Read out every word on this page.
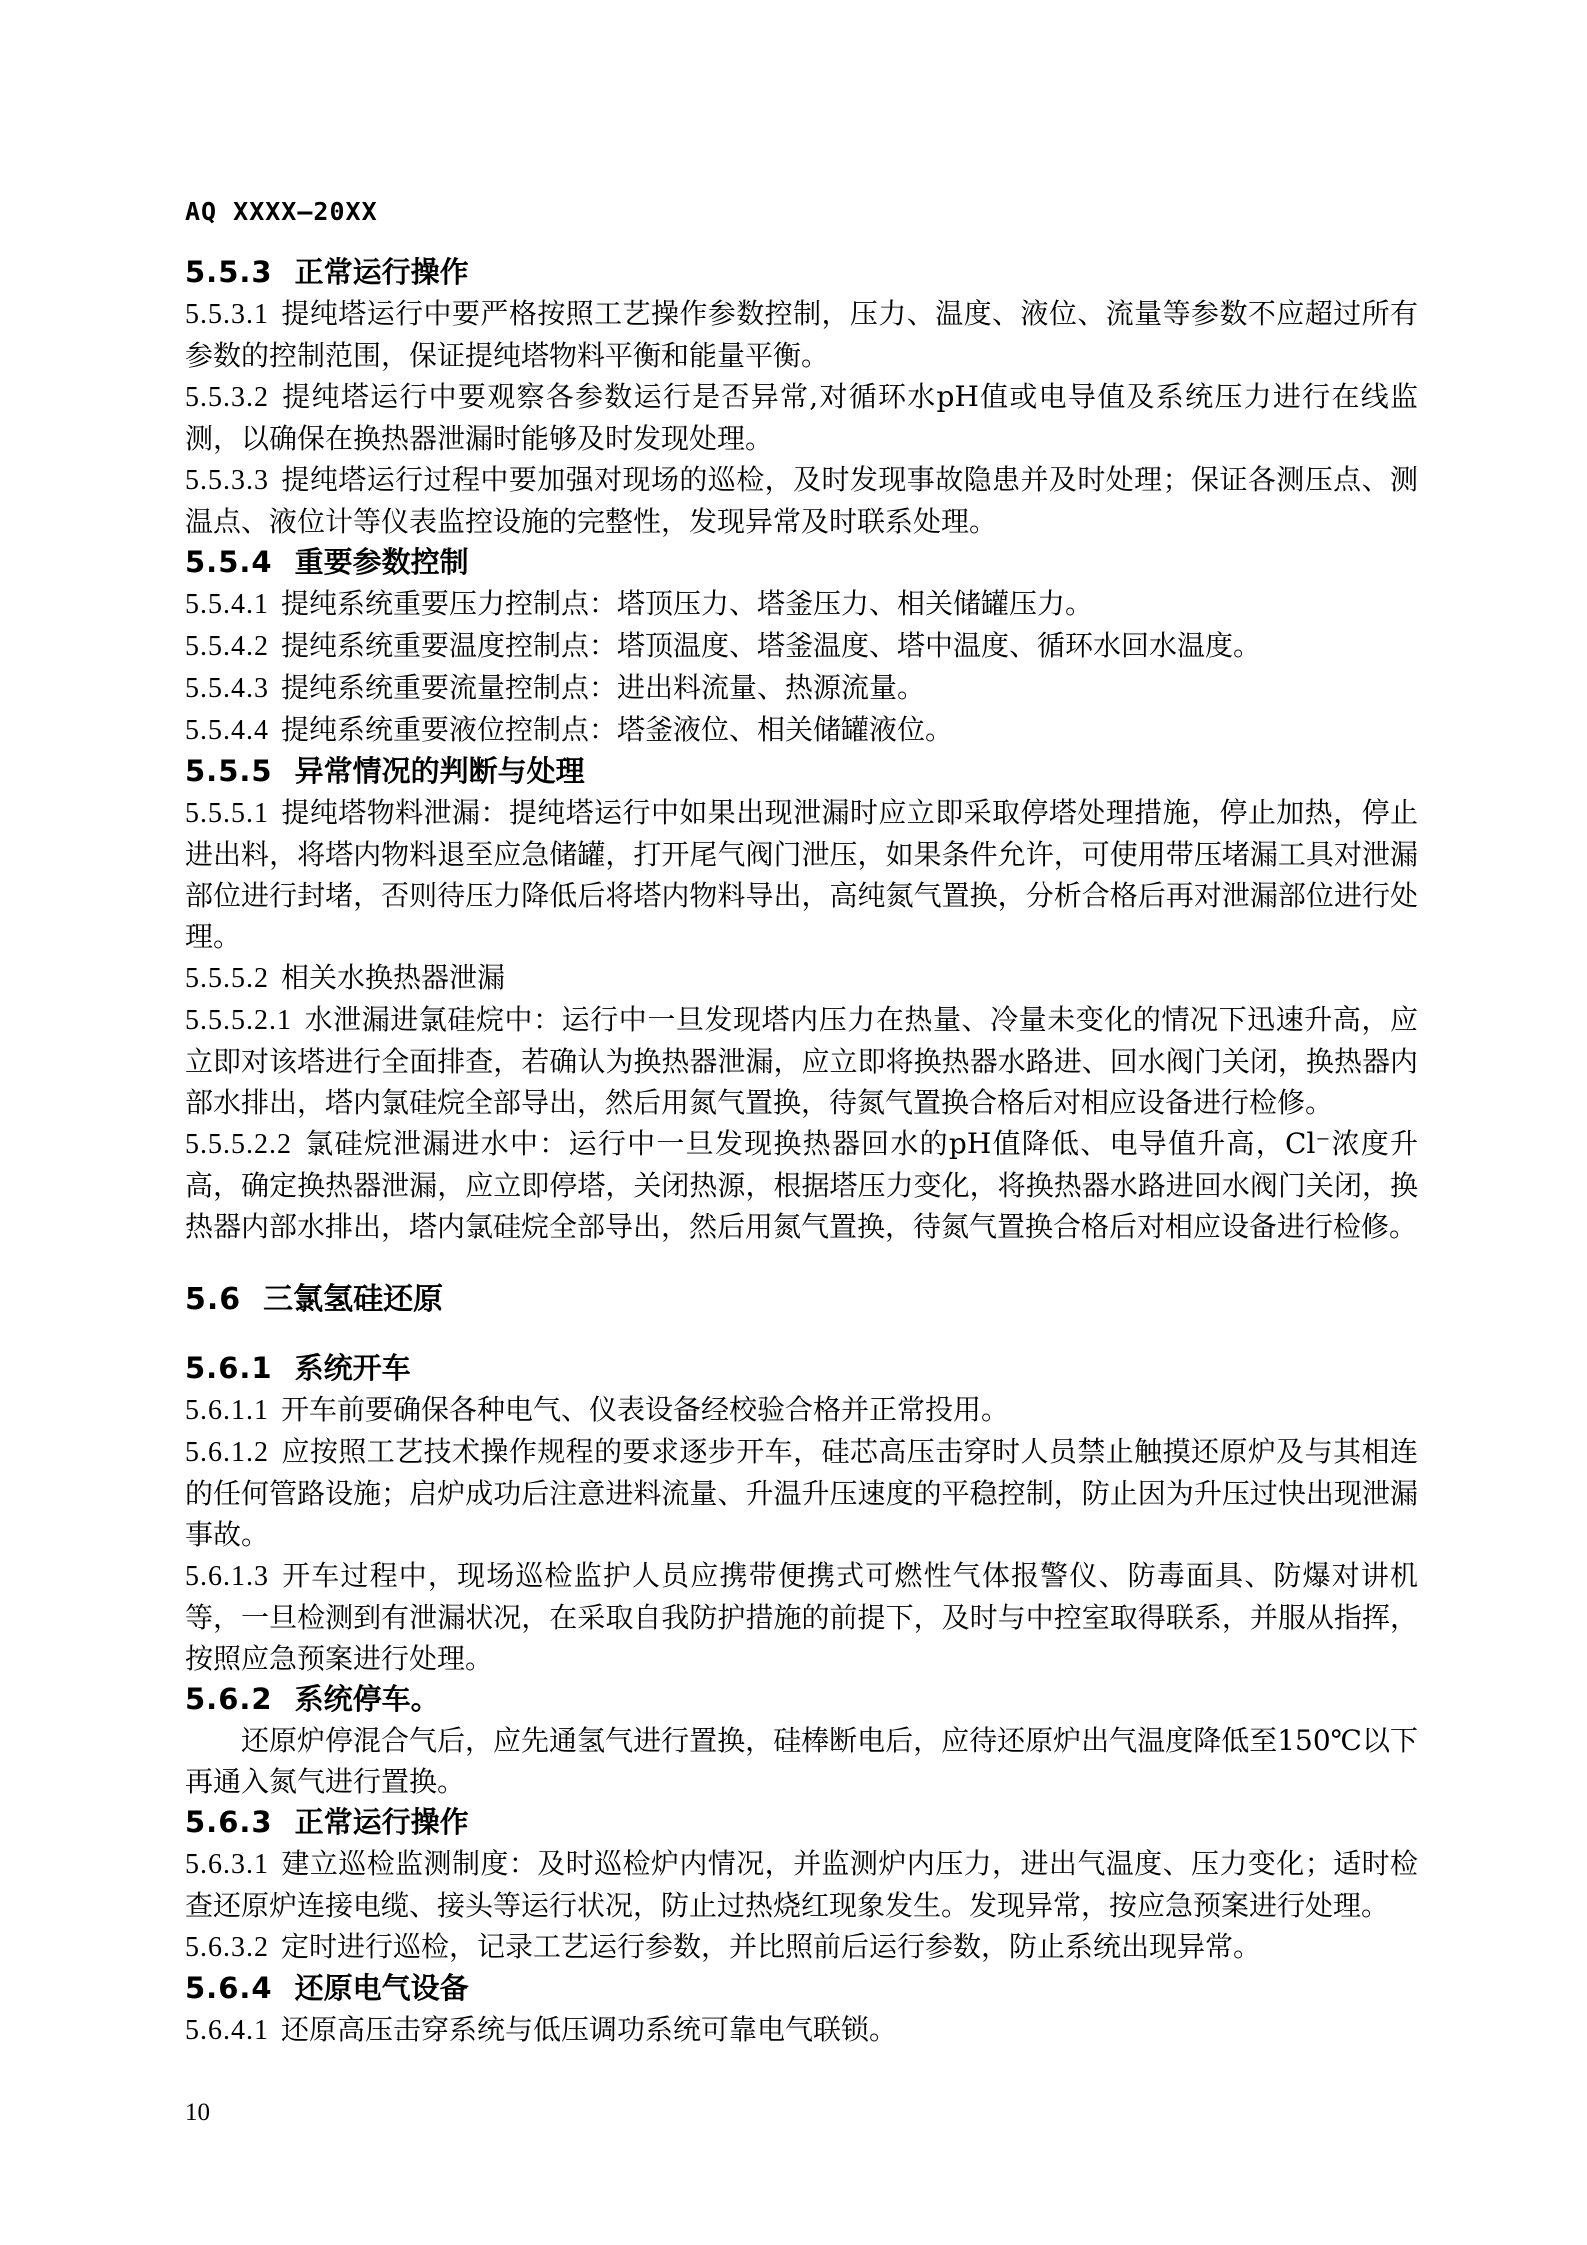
AQ XXXX—20XX
5.5.3 正常运行操作

5.5.3.1 提纯塔运行中要严格按照工艺操作参数控制，压力、温度、液位、流量等参数不应超过所有参数的控制范围，保证提纯塔物料平衡和能量平衡。

5.5.3.2 提纯塔运行中要观察各参数运行是否异常,对循环水pH值或电导值及系统压力进行在线监测，以确保在换热器泄漏时能够及时发现处理。

5.5.3.3 提纯塔运行过程中要加强对现场的巡检，及时发现事故隐患并及时处理；保证各测压点、测温点、液位计等仪表监控设施的完整性，发现异常及时联系处理。

5.5.4 重要参数控制

5.5.4.1 提纯系统重要压力控制点：塔顶压力、塔釜压力、相关储罐压力。

5.5.4.2 提纯系统重要温度控制点：塔顶温度、塔釜温度、塔中温度、循环水回水温度。

5.5.4.3 提纯系统重要流量控制点：进出料流量、热源流量。

5.5.4.4 提纯系统重要液位控制点：塔釜液位、相关储罐液位。

5.5.5 异常情况的判断与处理

5.5.5.1 提纯塔物料泄漏：提纯塔运行中如果出现泄漏时应立即采取停塔处理措施，停止加热，停止进出料，将塔内物料退至应急储罐，打开尾气阀门泄压，如果条件允许，可使用带压堵漏工具对泄漏部位进行封堵，否则待压力降低后将塔内物料导出，高纯氮气置换，分析合格后再对泄漏部位进行处理。

5.5.5.2 相关水换热器泄漏

5.5.5.2.1 水泄漏进氯硅烷中：运行中一旦发现塔内压力在热量、冷量未变化的情况下迅速升高，应立即对该塔进行全面排查，若确认为换热器泄漏，应立即将换热器水路进、回水阀门关闭，换热器内部水排出，塔内氯硅烷全部导出，然后用氮气置换，待氮气置换合格后对相应设备进行检修。

5.5.5.2.2 氯硅烷泄漏进水中：运行中一旦发现换热器回水的pH值降低、电导值升高，Cl⁻浓度升高，确定换热器泄漏，应立即停塔，关闭热源，根据塔压力变化，将换热器水路进回水阀门关闭，换热器内部水排出，塔内氯硅烷全部导出，然后用氮气置换，待氮气置换合格后对相应设备进行检修。

5.6 三氯氢硅还原
5.6.1 系统开车

5.6.1.1 开车前要确保各种电气、仪表设备经校验合格并正常投用。

5.6.1.2 应按照工艺技术操作规程的要求逐步开车，硅芯高压击穿时人员禁止触摸还原炉及与其相连的任何管路设施；启炉成功后注意进料流量、升温升压速度的平稳控制，防止因为升压过快出现泄漏事故。

5.6.1.3 开车过程中，现场巡检监护人员应携带便携式可燃性气体报警仪、防毒面具、防爆对讲机等，一旦检测到有泄漏状况，在采取自我防护措施的前提下，及时与中控室取得联系，并服从指挥，按照应急预案进行处理。

5.6.2 系统停车。

还原炉停混合气后，应先通氢气进行置换，硅棒断电后，应待还原炉出气温度降低至150℃以下再通入氮气进行置换。

5.6.3 正常运行操作

5.6.3.1 建立巡检监测制度：及时巡检炉内情况，并监测炉内压力，进出气温度、压力变化；适时检查还原炉连接电缆、接头等运行状况，防止过热烧红现象发生。发现异常，按应急预案进行处理。

5.6.3.2 定时进行巡检，记录工艺运行参数，并比照前后运行参数，防止系统出现异常。

5.6.4 还原电气设备

5.6.4.1 还原高压击穿系统与低压调功系统可靠电气联锁。

10
